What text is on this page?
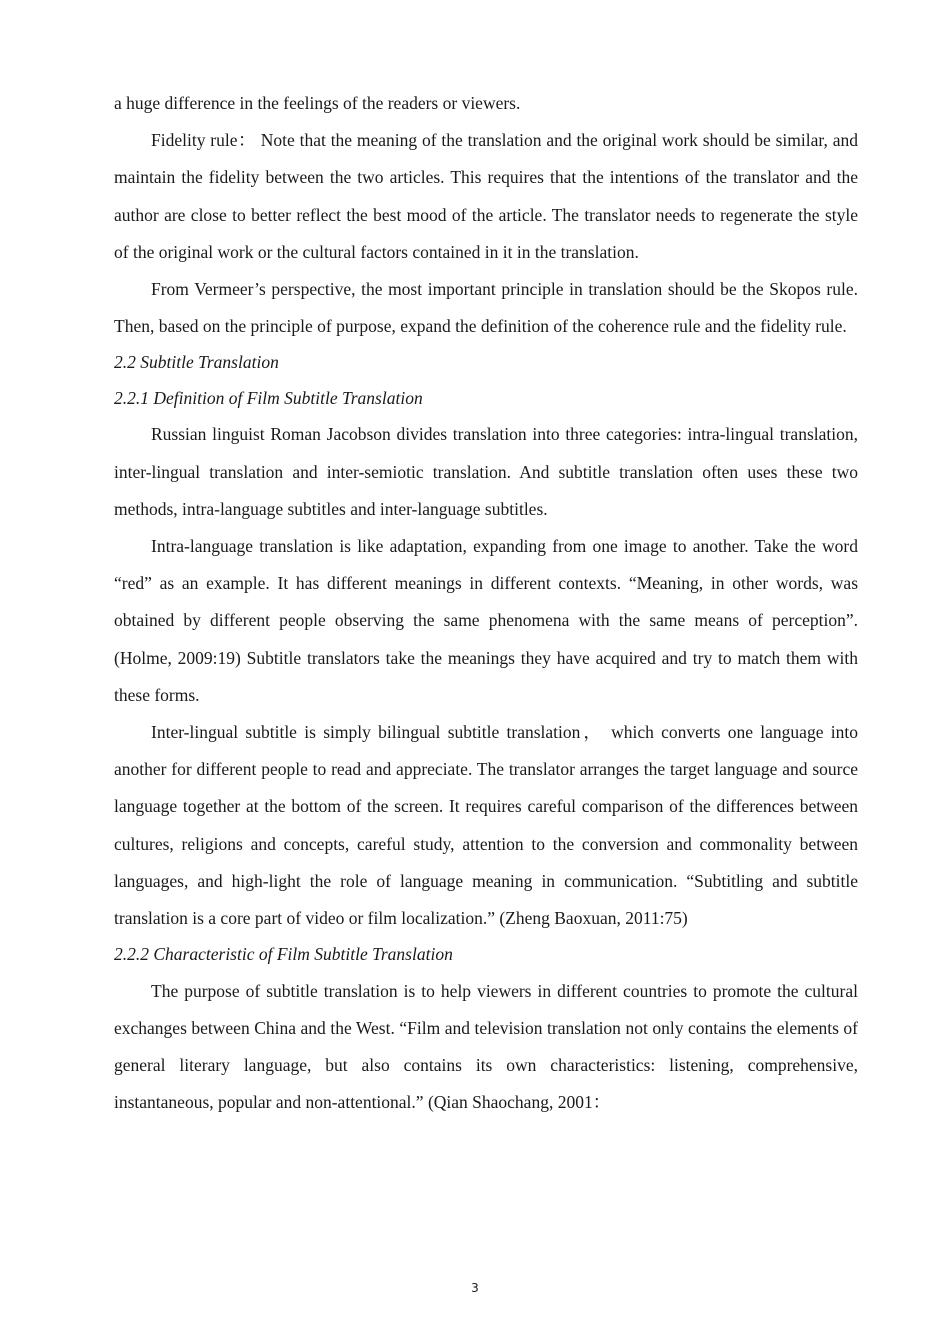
a huge difference in the feelings of the readers or viewers.

Fidelity rule： Note that the meaning of the translation and the original work should be similar, and maintain the fidelity between the two articles. This requires that the intentions of the translator and the author are close to better reflect the best mood of the article. The translator needs to regenerate the style of the original work or the cultural factors contained in it in the translation.

From Vermeer’s perspective, the most important principle in translation should be the Skopos rule. Then, based on the principle of purpose, expand the definition of the coherence rule and the fidelity rule.

2.2 Subtitle Translation

2.2.1 Definition of Film Subtitle Translation

Russian linguist Roman Jacobson divides translation into three categories: intra-lingual translation, inter-lingual translation and inter-semiotic translation. And subtitle translation often uses these two methods, intra-language subtitles and inter-language subtitles.

Intra-language translation is like adaptation, expanding from one image to another. Take the word “red” as an example. It has different meanings in different contexts. “Meaning, in other words, was obtained by different people observing the same phenomena with the same means of perception”. (Holme, 2009:19) Subtitle translators take the meanings they have acquired and try to match them with these forms.

Inter-lingual subtitle is simply bilingual subtitle translation， which converts one language into another for different people to read and appreciate. The translator arranges the target language and source language together at the bottom of the screen. It requires careful comparison of the differences between cultures, religions and concepts, careful study, attention to the conversion and commonality between languages, and high-light the role of language meaning in communication. “Subtitling and subtitle translation is a core part of video or film localization.” (Zheng Baoxuan, 2011:75)

2.2.2 Characteristic of Film Subtitle Translation

The purpose of subtitle translation is to help viewers in different countries to promote the cultural exchanges between China and the West. “Film and television translation not only contains the elements of general literary language, but also contains its own characteristics: listening, comprehensive, instantaneous, popular and non-attentional.” (Qian Shaochang, 2001：

3
